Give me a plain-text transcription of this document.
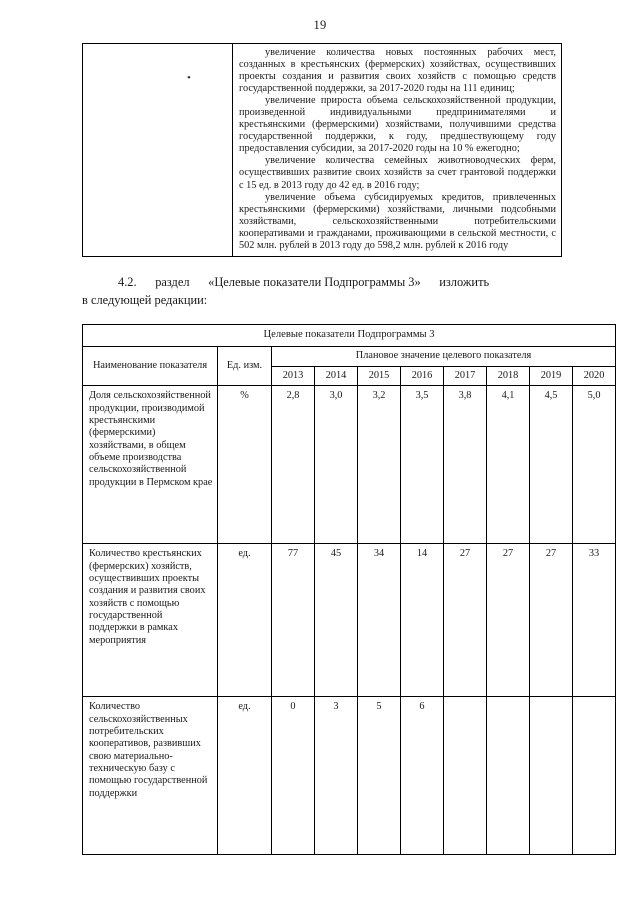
19
•

увеличение количества новых постоянных рабочих мест, созданных в крестьянских (фермерских) хозяйствах, осуществивших проекты создания и развития своих хозяйств с помощью средств государственной поддержки, за 2017-2020 годы на 111 единиц;

увеличение прироста объема сельскохозяйственной продукции, произведенной индивидуальными предпринимателями и крестьянскими (фермерскими) хозяйствами, получившими средства государственной поддержки, к году, предшествующему году предоставления субсидии, за 2017-2020 годы на 10 % ежегодно;

увеличение количества семейных животноводческих ферм, осуществивших развитие своих хозяйств за счет грантовой поддержки с 15 ед. в 2013 году до 42 ед. в 2016 году;

увеличение объема субсидируемых кредитов, привлеченных крестьянскими (фермерскими) хозяйствами, личными подсобными хозяйствами, сельскохозяйственными потребительскими кооперативами и гражданами, проживающими в сельской местности, с 502 млн. рублей в 2013 году до 598,2 млн. рублей к 2016 году

4.2. раздел «Целевые показатели Подпрограммы 3» изложить
в следующей редакции:
Целевые показатели Подпрограммы 3									
Наименование показателя	Ед. изм.	Плановое значение целевого показателя							
		2013	2014	2015	2016	2017	2018	2019	2020
Доля сельскохозяйственной продукции, производимой крестьянскими (фермерскими) хозяйствами, в общем объеме производства сельскохозяйственной продукции в Пермском крае	%	2,8	3,0	3,2	3,5	3,8	4,1	4,5	5,0
Количество крестьянских (фермерских) хозяйств, осуществивших проекты создания и развития своих хозяйств с помощью государственной поддержки в рамках мероприятия	ед.	77	45	34	14	27	27	27	33
Количество сельскохозяйственных потребительских кооперативов, развивших свою материально-техническую базу с помощью государственной поддержки	ед.	0	3	5	6				
